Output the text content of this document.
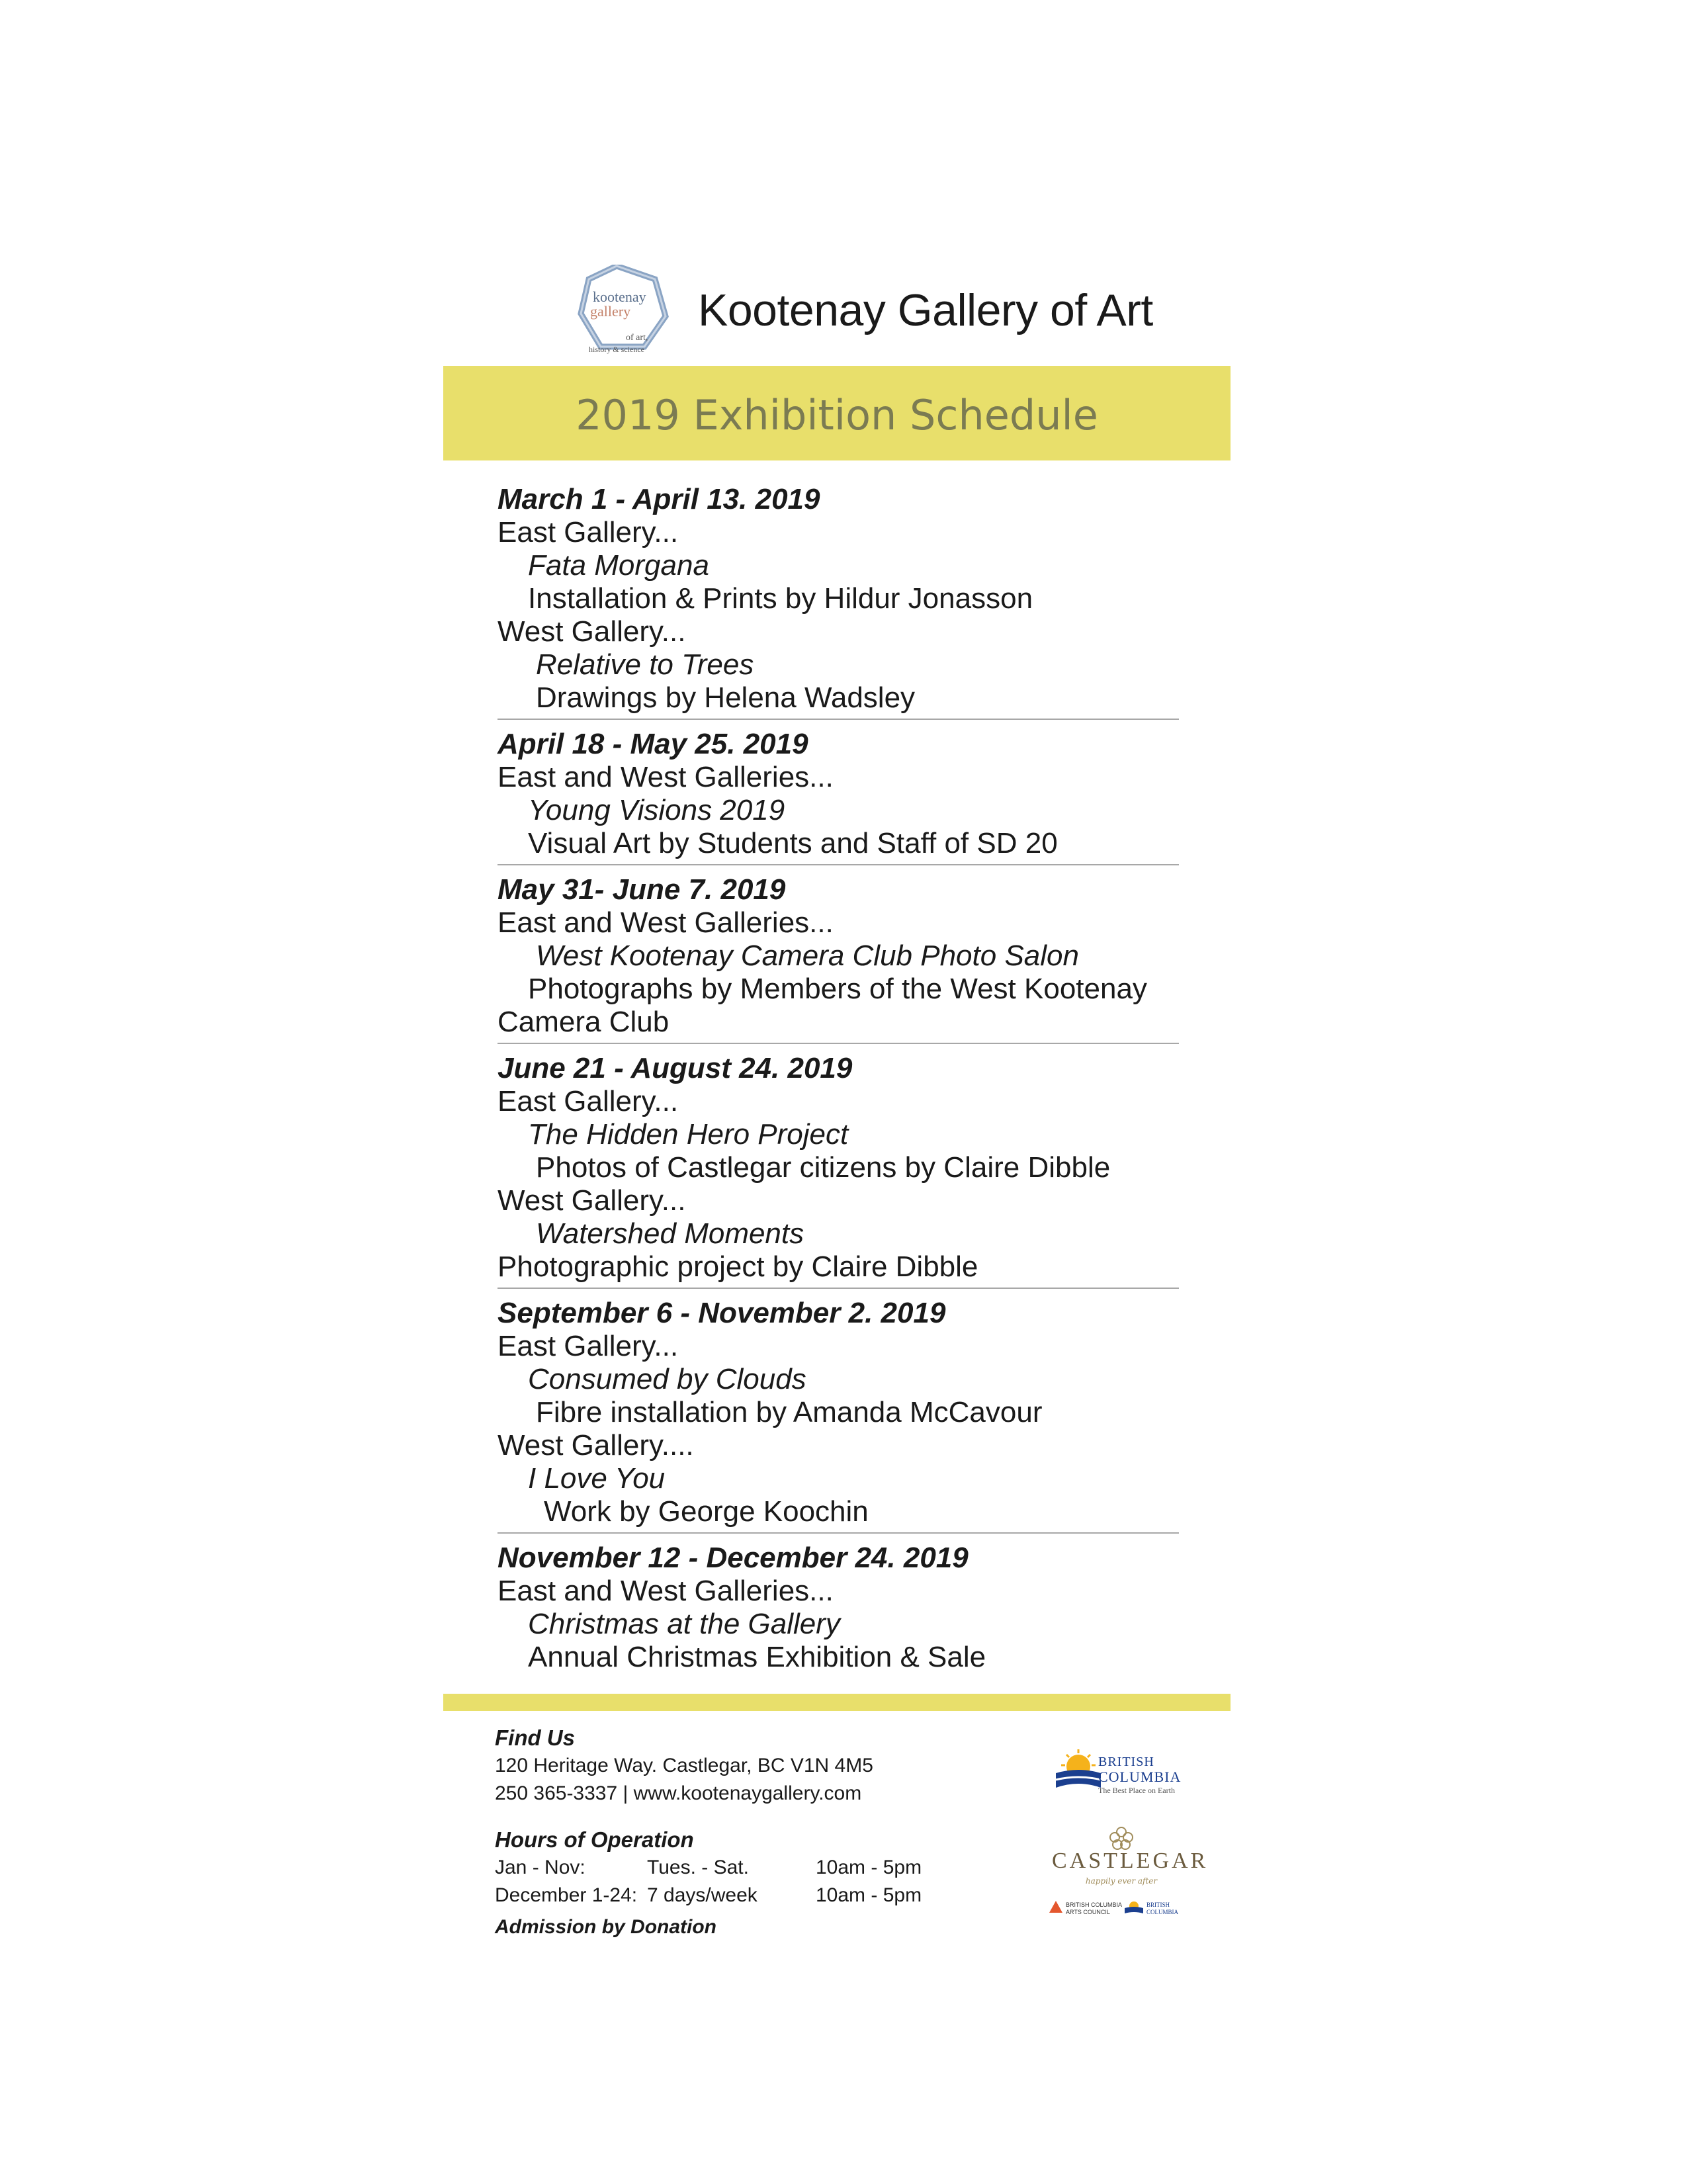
kootenay
gallery
of art,
history & science
Kootenay Gallery of Art
2019 Exhibition Schedule
March 1 - April 13. 2019
East Gallery...
Fata Morgana
Installation & Prints by Hildur Jonasson
West Gallery...
Relative to Trees
Drawings by Helena Wadsley
April 18 - May 25. 2019
East and West Galleries...
Young Visions 2019
Visual Art by Students and Staff of SD 20
May 31- June 7. 2019
East and West Galleries...
West Kootenay Camera Club Photo Salon
Photographs by Members of the West Kootenay
Camera Club
June 21 - August 24. 2019
East Gallery...
The Hidden Hero Project
Photos of Castlegar citizens by Claire Dibble
West Gallery...
Watershed Moments
Photographic project by Claire Dibble
September 6 - November 2. 2019
East Gallery...
Consumed by Clouds
Fibre installation by Amanda McCavour
West Gallery....
I Love You
Work by George Koochin
November 12 - December 24. 2019
East and West Galleries...
Christmas at the Gallery
Annual Christmas Exhibition & Sale
Find Us
120 Heritage Way. Castlegar, BC V1N 4M5
250 365-3337 | www.kootenaygallery.com
Hours of Operation
Jan - Nov:	Tues. - Sat.	10am - 5pm
December 1-24: 7 days/week	10am - 5pm
Admission by Donation
BRITISH
COLUMBIA
The Best Place on Earth
CASTLEGAR
happily ever after
BRITISH COLUMBIA
ARTS COUNCIL
BRITISH
COLUMBIA
